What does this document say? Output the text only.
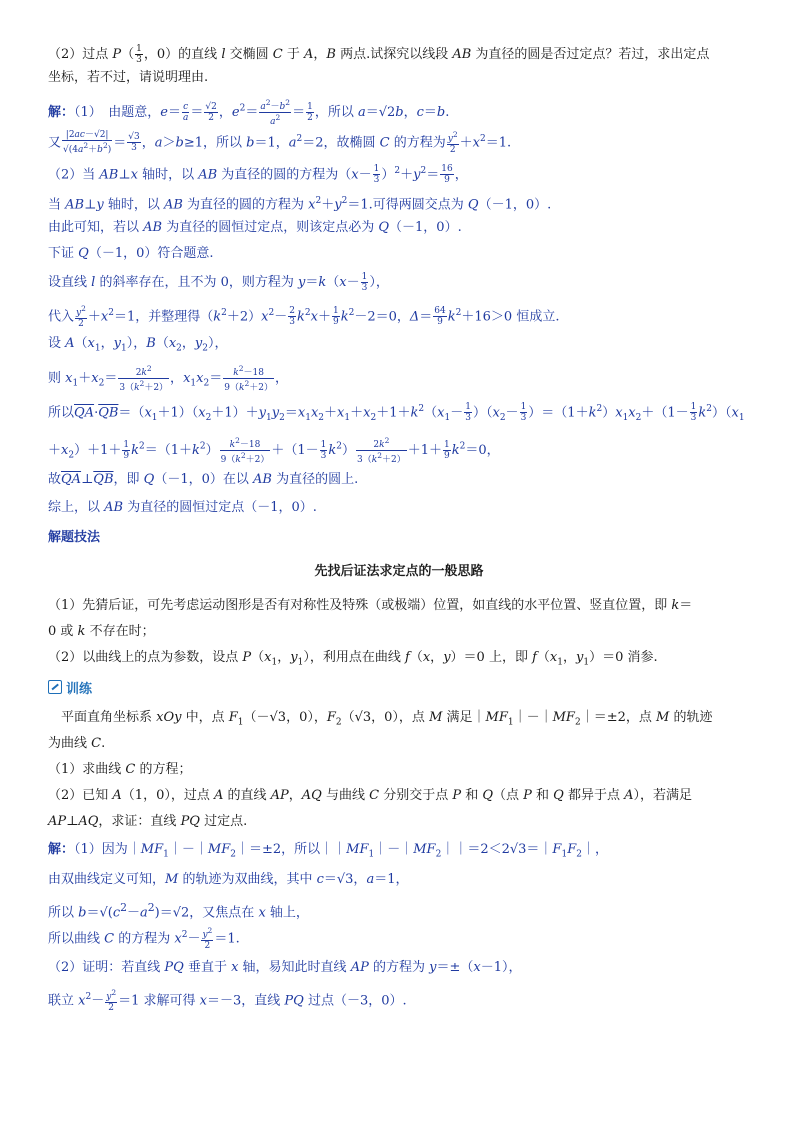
（2）过点 $P( \frac{1}{3}$ ，0）的直线 l 交椭圆 C 于 A，B 两点.试探究以线段 AB 为直径的圆是否过定点？若过，求出定点
坐标，若不过，请说明理由.
解：（1）　由题意，$e= \frac{c}{a} = \frac{√2}{2}$ ，$e^2= \frac{a^2-b^2}{a^2} = \frac{1}{2}$ ，所以 a＝√2b，c＝b.
又 $\frac{|2ac-√2|}{√(4a^2+b^2)} = \frac{√3}{3}$ ，a＞b≥1，所以 b＝1，$a^2=2$，故椭圆 C 的方程为 $\frac{y^2}{2} +x^2=1$.
（2）当 AB⊥x 轴时，以 AB 为直径的圆的方程为$(x- \frac{1}{3} )^2+y^2= \frac{16}{9}$ ，
当 AB⊥y 轴时，以 AB 为直径的圆的方程为 $x^2+y^2=1$.可得两圆交点为 Q（－1，0）.
由此可知，若以 AB 为直径的圆恒过定点，则该定点必为 Q（－1，0）.
下证 Q（－1，0）符合题意.
设直线 l 的斜率存在，且不为 0，则方程为 $y=k(x- \frac{1}{3}$ ），
代入 $\frac{y^2}{2} +x^2=1$，并整理得$(k^2+2)x^2- \frac{2}{3} k^2x+ \frac{1}{9} k^2-2=0$，$\Delta= \frac{64}{9} k^2+16>0$ 恒成立.
设 $A(x_1$，$y_1$），$B(x_2$，$y_2$），
则 $x_1+x_2= \frac{2k^2}{3(k^2+2)}$ ，$x_1x_2= \frac{k^2-18}{9(k^2+2)}$ ，
所以$\overline{QA}\cdot\overline{QB}=(x_1+1)(x_2+1)+y_1y_2=x_1x_2+x_1+x_2+1+k^2(x_1- \frac{1}{3} )(x_2- \frac{1}{3} )=(1+k^2)x_1x_2+(1- \frac{1}{3} k^2)(x_1$
$+x_2)+1+ \frac{1}{9} k^2=(1+k^2) \frac{k^2-18}{9(k^2+2)} +(1- \frac{1}{3} k^2) \frac{2k^2}{3(k^2+2)} +1+ \frac{1}{9} k^2=0$，
故$\overline{QA}\perp\overline{QB}$，即 Q（－1，0）在以 AB 为直径的圆上.
综上，以 AB 为直径的圆恒过定点（－1，0）.
解题技法
先找后证法求定点的一般思路
（1）先猜后证，可先考虑运动图形是否有对称性及特殊（或极端）位置，如直线的水平位置、竖直位置，即 k＝
0 或 k 不存在时；
（2）以曲线上的点为参数，设点 $P(x_1$，$y_1$），利用点在曲线 f（x，y）＝0 上，即 $f(x_1$，$y_1)=0$ 消参.
训练
　平面直角坐标系 xOy 中，点 $F_1(-√3$，0），$F_2(√3$，0），点 M 满足$|MF_1|-|MF_2|=\pm 2$，点 M 的轨迹
为曲线 C.
（1）求曲线 C 的方程；
（2）已知 A（1，0），过点 A 的直线 AP，AQ 与曲线 C 分别交于点 P 和 Q（点 P 和 Q 都异于点 A），若满足
AP⊥AQ，求证：直线 PQ 过定点.
解：（1）因为$|MF_1|-|MF_2|=\pm 2$，所以$||MF_1|-|MF_2||=2<2√3=|F_1F_2|$，
由双曲线定义可知，M 的轨迹为双曲线，其中 c＝√3，a＝1，
所以 $b=√(c^2-a^2)=√2$，又焦点在 x 轴上，
所以曲线 C 的方程为 $x^2- \frac{y^2}{2} =1$.
（2）证明：若直线 PQ 垂直于 x 轴，易知此时直线 AP 的方程为 y＝±（x－1），
联立 $x^2- \frac{y^2}{2} =1$ 求解可得 x＝－3，直线 PQ 过点（－3，0）.
